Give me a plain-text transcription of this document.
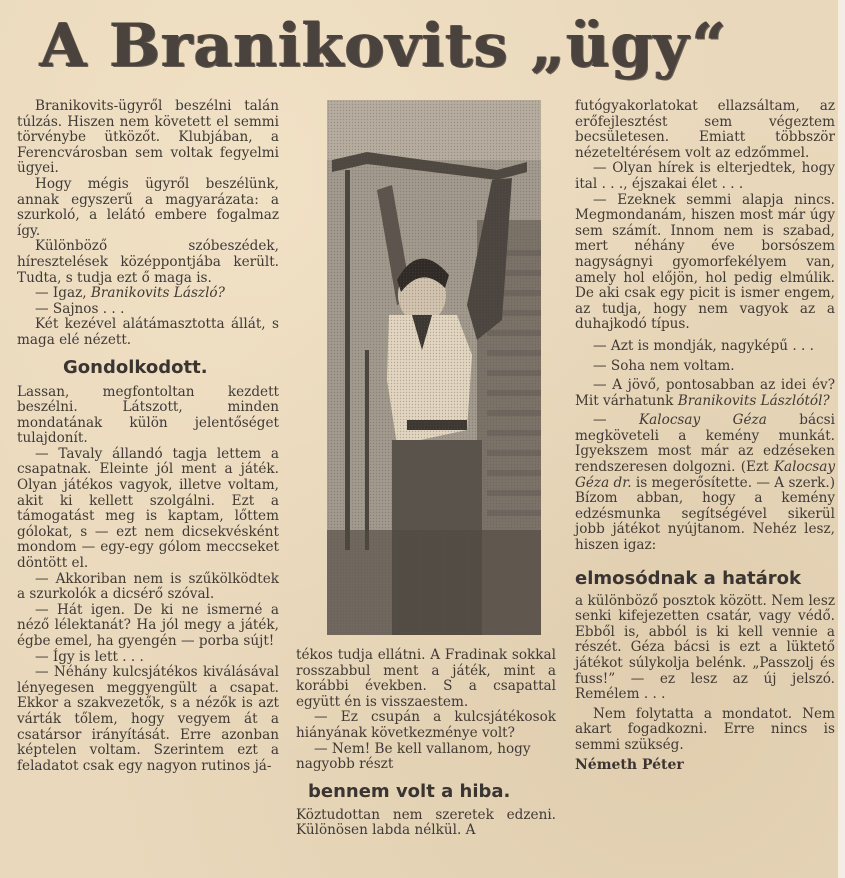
A Branikovits „ügy“

Branikovits-ügyről beszélni talán túlzás. Hiszen nem követett el semmi törvénybe ütközőt. Klubjában, a Ferencvárosban sem voltak fegyelmi ügyei.

Hogy mégis ügyről beszélünk, annak egyszerű a magyarázata: a szurkoló, a lelátó embere fogalmaz így.

Különböző szóbeszédek, híresztelések középpontjába került. Tudta, s tudja ezt ő maga is.

— Igaz, Branikovits László?

— Sajnos . . .

Két kezével alátámasztotta állát, s maga elé nézett.

Gondolkodott.

Lassan, megfontoltan kezdett beszélni. Látszott, minden mondatának külön jelentőséget tulajdonít.

— Tavaly állandó tagja lettem a csapatnak. Eleinte jól ment a játék. Olyan játékos vagyok, illetve voltam, akit ki kellett szolgálni. Ezt a támogatást meg is kaptam, lőttem gólokat, s — ezt nem dicsekvésként mondom — egy-egy gólom meccseket döntött el.

— Akkoriban nem is szűkölködtek a szurkolók a dicsérő szóval.

— Hát igen. De ki ne ismerné a néző lélektanát? Ha jól megy a játék, égbe emel, ha gyengén — porba sújt!

— Így is lett . . .

— Néhány kulcsjátékos kiválásával lényegesen meggyengült a csapat. Ekkor a szakvezetők, s a nézők is azt várták tőlem, hogy vegyem át a csatársor irányítását. Erre azonban képtelen voltam. Szerintem ezt a feladatot csak egy nagyon rutinos já-

tékos tudja ellátni. A Fradinak sokkal rosszabbul ment a játék, mint a korábbi években. S a csapattal együtt én is visszaestem.

— Ez csupán a kulcsjátékosok hiányának következménye volt?

— Nem! Be kell vallanom, hogy nagyobb részt

bennem volt a hiba.

Köztudottan nem szeretek edzeni. Különösen labda nélkül. A

futógyakorlatokat ellazsáltam, az erőfejlesztést sem végeztem becsületesen. Emiatt többször nézeteltérésem volt az edzőmmel.

— Olyan hírek is elterjedtek, hogy ital . . ., éjszakai élet . . .

— Ezeknek semmi alapja nincs. Megmondanám, hiszen most már úgy sem számít. Innom nem is szabad, mert néhány éve borsószem nagyságnyi gyomorfekélyem van, amely hol előjön, hol pedig elmúlik. De aki csak egy picit is ismer engem, az tudja, hogy nem vagyok az a duhajkodó típus.

— Azt is mondják, nagyképű . . .

— Soha nem voltam.

— A jövő, pontosabban az idei év? Mit várhatunk Branikovits Lászlótól?

— Kalocsay Géza bácsi megköveteli a kemény munkát. Igyekszem most már az edzéseken rendszeresen dolgozni. (Ezt Kalocsay Géza dr. is megerősítette. — A szerk.) Bízom abban, hogy a kemény edzésmunka segítségével sikerül jobb játékot nyújtanom. Nehéz lesz, hiszen igaz:

elmosódnak a határok

a különböző posztok között. Nem lesz senki kifejezetten csatár, vagy védő. Ebből is, abból is ki kell vennie a részét. Géza bácsi is ezt a lüktető játékot súlykolja belénk. „Passzolj és fuss!” — ez lesz az új jelszó. Remélem . . .

Nem folytatta a mondatot. Nem akart fogadkozni. Erre nincs is semmi szükség.

Németh Péter
